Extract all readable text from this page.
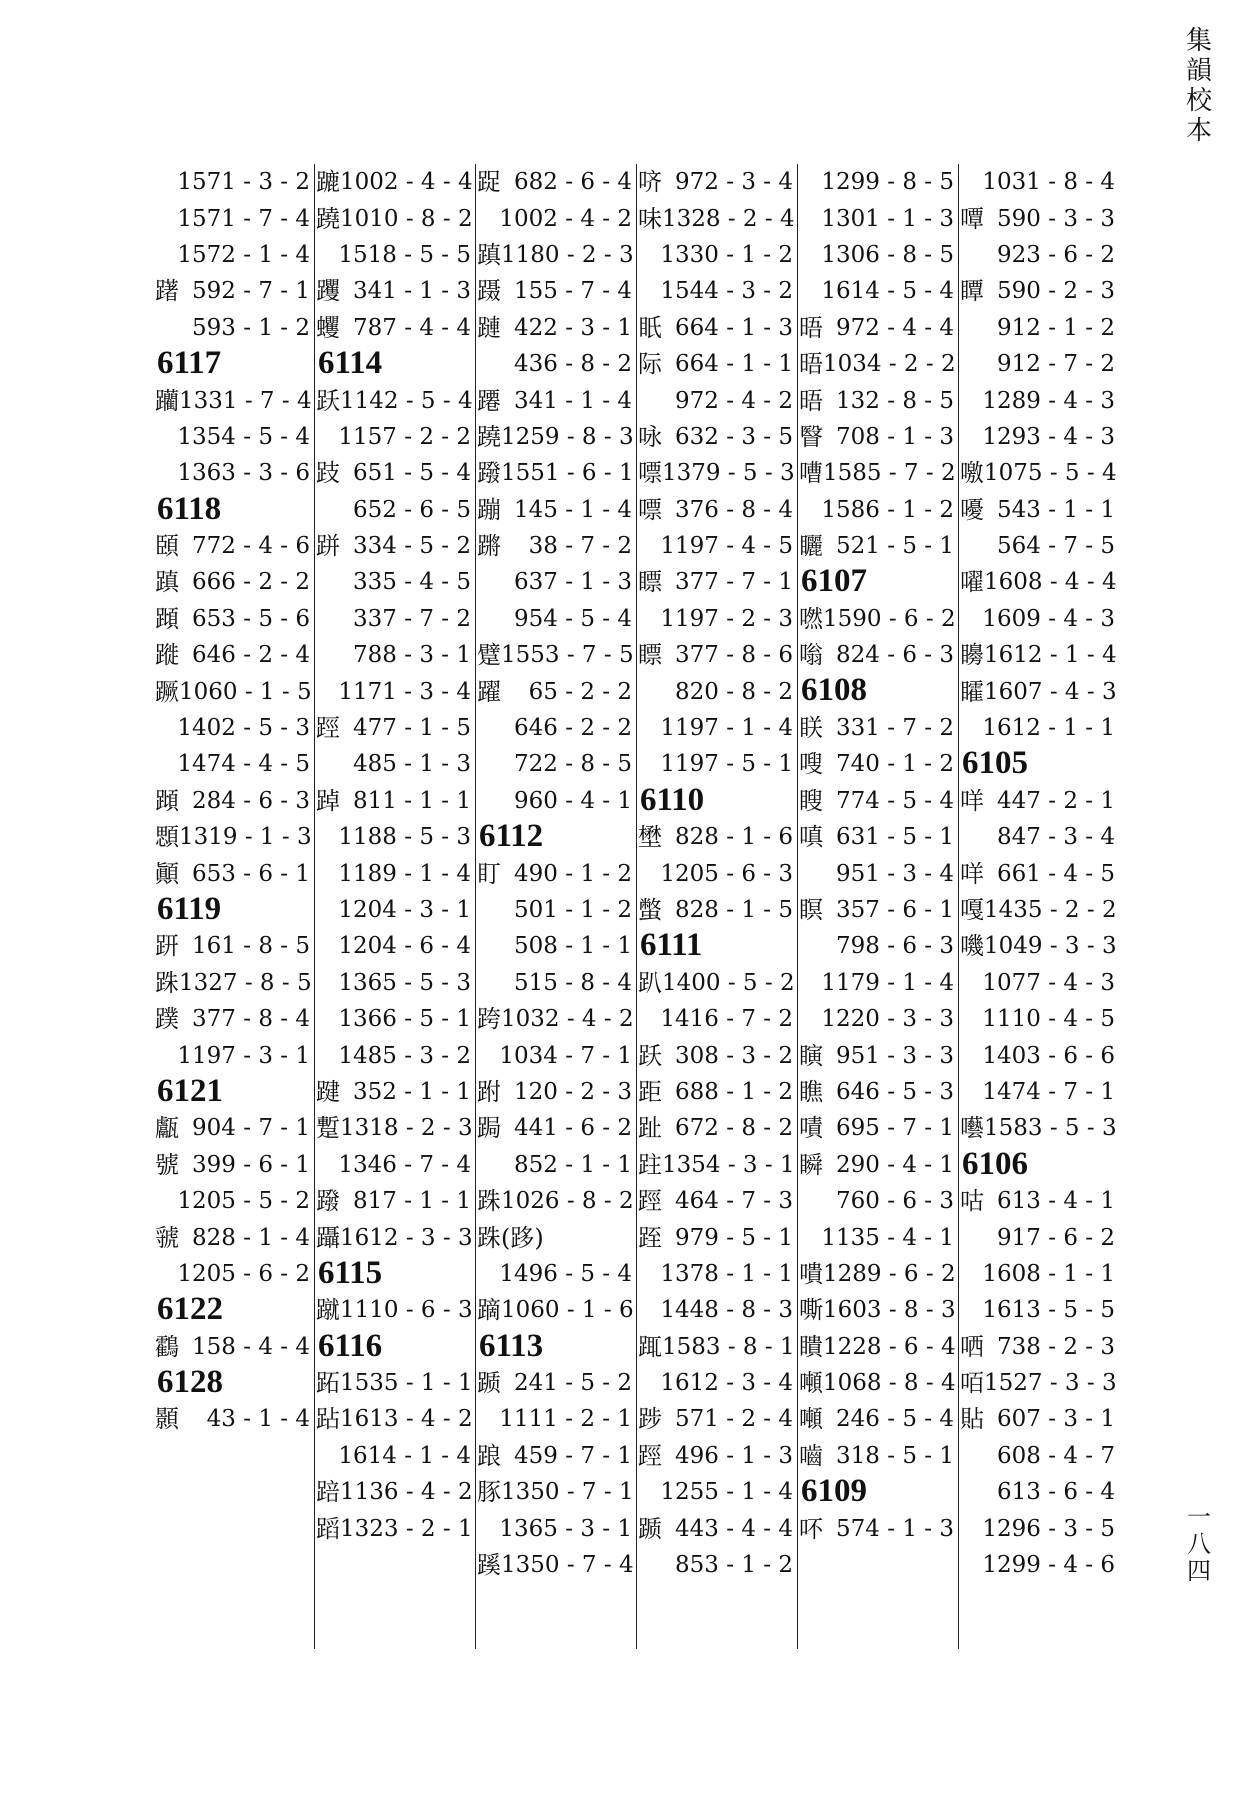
1571 - 3 - 2
1571 - 7 - 4
1572 - 1 - 4
躇 592 - 7 - 1
593 - 1 - 2
6117
躪 1331 - 7 - 4
1354 - 5 - 4
1363 - 3 - 6
6118
頣 772 - 4 - 6
蹎 666 - 2 - 2
蹞 653 - 5 - 6
蹝 646 - 2 - 4
蹶 1060 - 1 - 5
1402 - 5 - 3
1474 - 4 - 5
蹞 284 - 6 - 3
顋 1319 - 1 - 3
顚 653 - 6 - 1
6119
趼 161 - 8 - 5
跦 1327 - 8 - 5
蹼 377 - 8 - 4
1197 - 3 - 1
6121
甗 904 - 7 - 1
號 399 - 6 - 1
1205 - 5 - 2
虢 828 - 1 - 4
1205 - 6 - 2
6122
鸖 158 - 4 - 4
6128
顥	43 - 1 - 4
蹗 1002 - 4 - 4
蹺 1010 - 8 - 2
1518 - 5 - 5
躩 341 - 1 - 3
蠼 787 - 4 - 4
6114
跃 1142 - 5 - 4
1157 - 2 - 2
跂 651 - 5 - 4
652 - 6 - 5
跰 334 - 5 - 2
335 - 4 - 5
337 - 7 - 2
788 - 3 - 1
1171 - 3 - 4
踁 477 - 1 - 5
485 - 1 - 3
踔 811 - 1 - 1
1188 - 5 - 3
1189 - 1 - 4
1204 - 3 - 1
1204 - 6 - 4
1365 - 5 - 3
1366 - 5 - 1
1485 - 3 - 2
踺 352 - 1 - 1
蹔 1318 - 2 - 3
1346 - 7 - 4
蹳 817 - 1 - 1
躡 1612 - 3 - 3
6115
蹴 1110 - 6 - 3
6116
跖 1535 - 1 - 1
跕 1613 - 4 - 2
1614 - 1 - 4
踣 1136 - 4 - 2
蹈 1323 - 2 - 1
踀 682 - 6 - 4
1002 - 4 - 2
蹎 1180 - 2 - 3
蹑 155 - 7 - 4
蹥 422 - 3 - 1
436 - 8 - 2
蹮 341 - 1 - 4
蹺 1259 - 8 - 3
蹳 1551 - 6 - 1
蹦 145 - 1 - 4
蹡	38 - 7 - 2
637 - 1 - 3
954 - 5 - 4
躄 1553 - 7 - 5
躍	65 - 2 - 2
646 - 2 - 2
722 - 8 - 5
960 - 4 - 1
6112
盯 490 - 1 - 2
501 - 1 - 2
508 - 1 - 1
515 - 8 - 4
跨 1032 - 4 - 2
1034 - 7 - 1
跗 120 - 2 - 3
跼 441 - 6 - 2
852 - 1 - 1
跦 1026 - 8 - 2
跦(跢)
1496 - 5 - 4
蹢 1060 - 1 - 6
6113
踬 241 - 5 - 2
1111 - 2 - 1
踉 459 - 7 - 1
豚 1350 - 7 - 1
1365 - 3 - 1
蹊 1350 - 7 - 4
哜 972 - 3 - 4
味 1328 - 2 - 4
1330 - 1 - 2
1544 - 3 - 2
眂 664 - 1 - 3
际 664 - 1 - 1
972 - 4 - 2
咏 632 - 3 - 5
嘌 1379 - 5 - 3
嘌 376 - 8 - 4
1197 - 4 - 5
瞟 377 - 7 - 1
1197 - 2 - 3
瞟 377 - 8 - 6
820 - 8 - 2
1197 - 1 - 4
1197 - 5 - 1
6110
壄 828 - 1 - 6
1205 - 6 - 3
蟞 828 - 1 - 5
6111
趴 1400 - 5 - 2
1416 - 7 - 2
跃 308 - 3 - 2
距 688 - 1 - 2
趾 672 - 8 - 2
跓 1354 - 3 - 1
踁 464 - 7 - 3
跮 979 - 5 - 1
1378 - 1 - 1
1448 - 8 - 3
踂 1583 - 8 - 1
1612 - 3 - 4
踄 571 - 2 - 4
踁 496 - 1 - 3
1255 - 1 - 4
踬 443 - 4 - 4
853 - 1 - 2
1299 - 8 - 5
1301 - 1 - 3
1306 - 8 - 5
1614 - 5 - 4
晤 972 - 4 - 4
晤 1034 - 2 - 2
晤 132 - 8 - 5
瞖 708 - 1 - 3
嘈 1585 - 7 - 2
1586 - 1 - 2
矖 521 - 5 - 1
6107
嘫 1590 - 6 - 2
嗡 824 - 6 - 3
6108
眹 331 - 7 - 2
嗖 740 - 1 - 2
瞍 774 - 5 - 4
嗔 631 - 5 - 1
951 - 3 - 4
瞑 357 - 6 - 1
798 - 6 - 3
1179 - 1 - 4
1220 - 3 - 3
瞚 951 - 3 - 3
瞧 646 - 5 - 3
嘖 695 - 7 - 1
瞬 290 - 4 - 1
760 - 6 - 3
1135 - 4 - 1
嘳 1289 - 6 - 2
嘶 1603 - 8 - 3
瞶 1228 - 6 - 4
噸 1068 - 8 - 4
噸 246 - 5 - 4
嚙 318 - 5 - 1
6109
吥 574 - 1 - 3
1031 - 8 - 4
嘾 590 - 3 - 3
923 - 6 - 2
瞫 590 - 2 - 3
912 - 1 - 2
912 - 7 - 2
1289 - 4 - 3
1293 - 4 - 3
噭 1075 - 5 - 4
嚘 543 - 1 - 1
564 - 7 - 5
嚁 1608 - 4 - 4
1609 - 4 - 3
矏 1612 - 1 - 4
矐 1607 - 4 - 3
1612 - 1 - 1
6105
咩 447 - 2 - 1
847 - 3 - 4
咩 661 - 4 - 5
嘎 1435 - 2 - 2
嘰 1049 - 3 - 3
1077 - 4 - 3
1110 - 4 - 5
1403 - 6 - 6
1474 - 7 - 1
囈 1583 - 5 - 3
6106
咕 613 - 4 - 1
917 - 6 - 2
1608 - 1 - 1
1613 - 5 - 5
哂 738 - 2 - 3
咟 1527 - 3 - 3
貼 607 - 3 - 1
608 - 4 - 7
613 - 6 - 4
1296 - 3 - 5
1299 - 4 - 6
集韻校本
一八四
